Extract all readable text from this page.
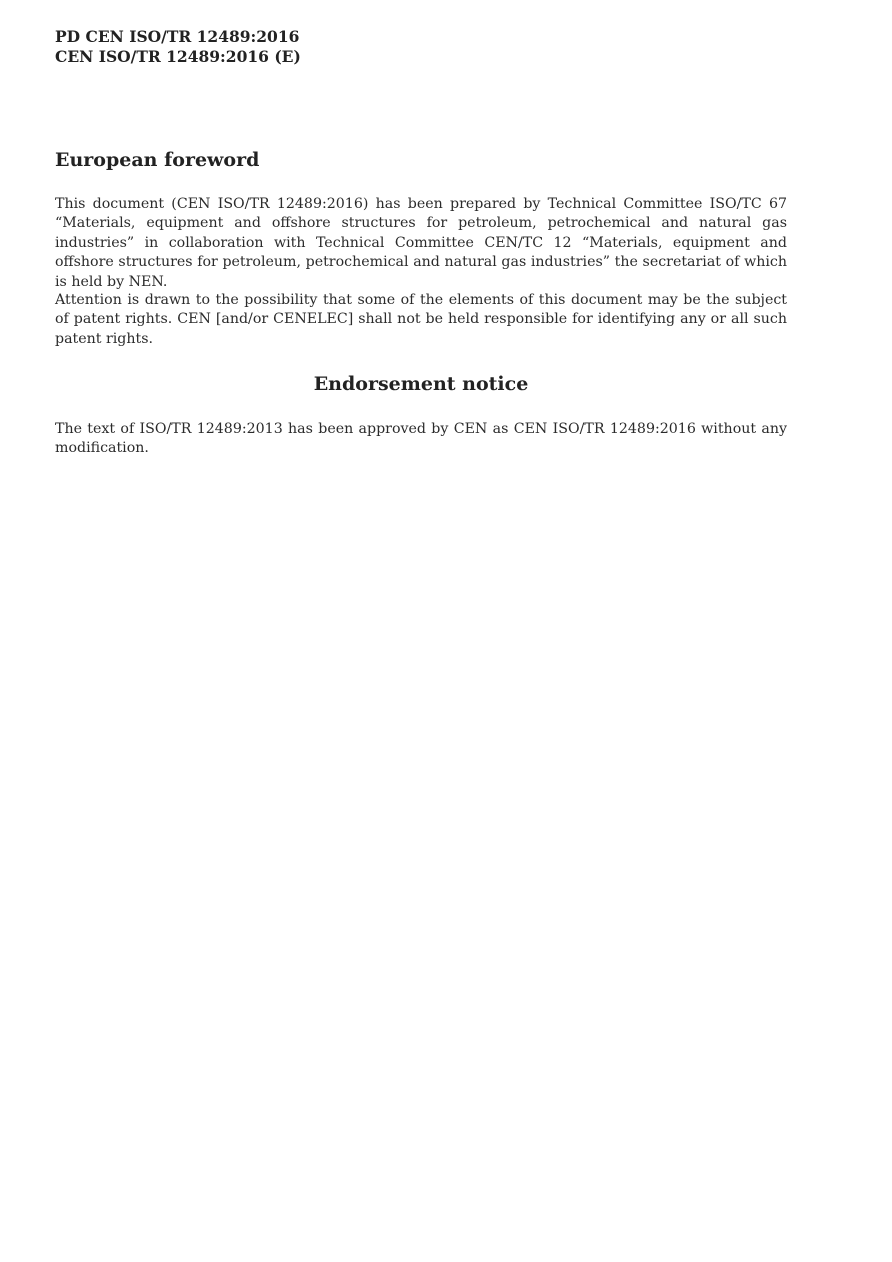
PD CEN ISO/TR 12489:2016
CEN ISO/TR 12489:2016 (E)
European foreword

This document (CEN ISO/TR 12489:2016) has been prepared by Technical Committee ISO/TC 67 “Materials, equipment and offshore structures for petroleum, petrochemical and natural gas industries” in collaboration with Technical Committee CEN/TC 12 “Materials, equipment and offshore structures for petroleum, petrochemical and natural gas industries” the secretariat of which is held by NEN.

Attention is drawn to the possibility that some of the elements of this document may be the subject of patent rights. CEN [and/or CENELEC] shall not be held responsible for identifying any or all such patent rights.

Endorsement notice

The text of ISO/TR 12489:2013 has been approved by CEN as CEN ISO/TR 12489:2016 without any modification.
